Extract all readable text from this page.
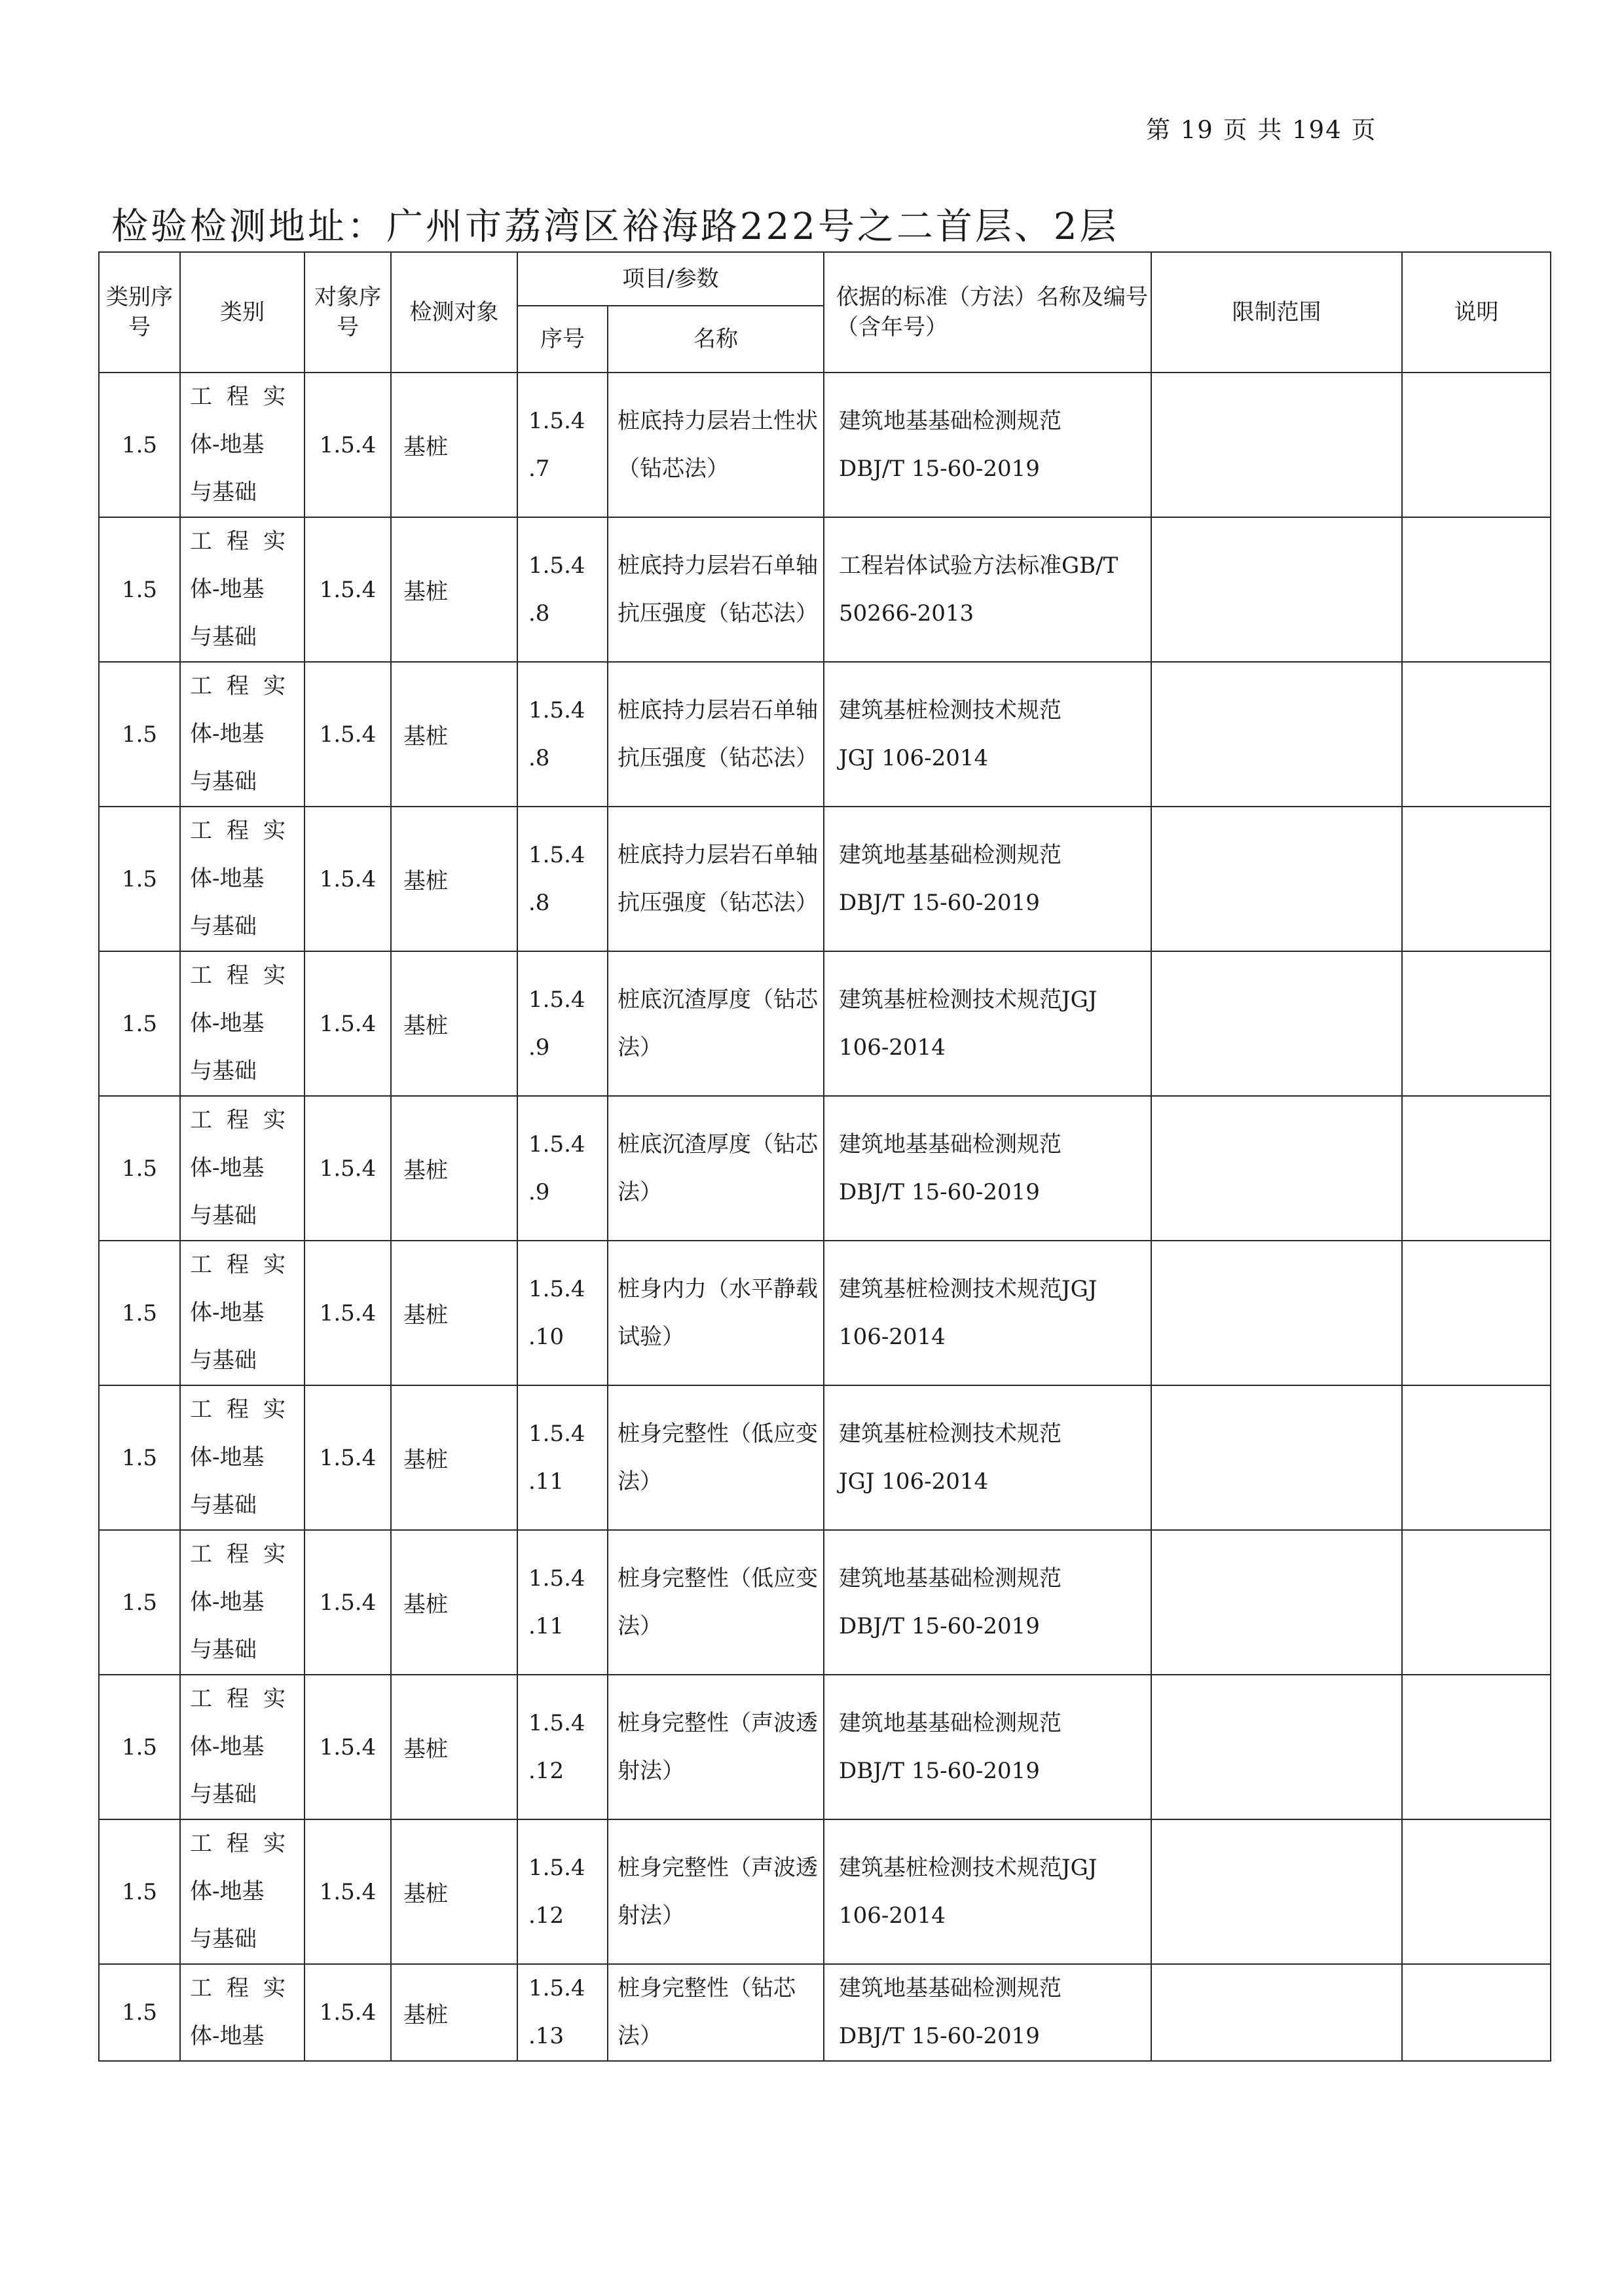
第 19 页 共 194 页
检验检测地址：广州市荔湾区裕海路222号之二首层、2层
类别序号	类别	对象序号	检测对象	项目/参数		依据的标准（方法）名称及编号（含年号）	限制范围	说明
				序号	名称			
1.5	工程实
体-地基
与基础	1.5.4	基桩	1.5.4
.7	桩底持力层岩土性状（钻芯法）	建筑地基基础检测规范
DBJ/T 15-60-2019		

1.5	工程实
体-地基
与基础	1.5.4	基桩	1.5.4
.8	桩底持力层岩石单轴抗压强度（钻芯法）	工程岩体试验方法标准GB/T
50266-2013		

1.5	工程实
体-地基
与基础	1.5.4	基桩	1.5.4
.8	桩底持力层岩石单轴抗压强度（钻芯法）	建筑基桩检测技术规范
JGJ 106-2014		

1.5	工程实
体-地基
与基础	1.5.4	基桩	1.5.4
.8	桩底持力层岩石单轴抗压强度（钻芯法）	建筑地基基础检测规范
DBJ/T 15-60-2019		

1.5	工程实
体-地基
与基础	1.5.4	基桩	1.5.4
.9	桩底沉渣厚度（钻芯法）	建筑基桩检测技术规范JGJ
106-2014		

1.5	工程实
体-地基
与基础	1.5.4	基桩	1.5.4
.9	桩底沉渣厚度（钻芯法）	建筑地基基础检测规范
DBJ/T 15-60-2019		

1.5	工程实
体-地基
与基础	1.5.4	基桩	1.5.4
.10	桩身内力（水平静载试验）	建筑基桩检测技术规范JGJ
106-2014		

1.5	工程实
体-地基
与基础	1.5.4	基桩	1.5.4
.11	桩身完整性（低应变法）	建筑基桩检测技术规范
JGJ 106-2014		

1.5	工程实
体-地基
与基础	1.5.4	基桩	1.5.4
.11	桩身完整性（低应变法）	建筑地基基础检测规范
DBJ/T 15-60-2019		

1.5	工程实
体-地基
与基础	1.5.4	基桩	1.5.4
.12	桩身完整性（声波透射法）	建筑地基基础检测规范
DBJ/T 15-60-2019		

1.5	工程实
体-地基
与基础	1.5.4	基桩	1.5.4
.12	桩身完整性（声波透射法）	建筑基桩检测技术规范JGJ
106-2014		

1.5	工程实
体-地基	1.5.4	基桩	1.5.4
.13	桩身完整性（钻芯法）	建筑地基基础检测规范
DBJ/T 15-60-2019		
